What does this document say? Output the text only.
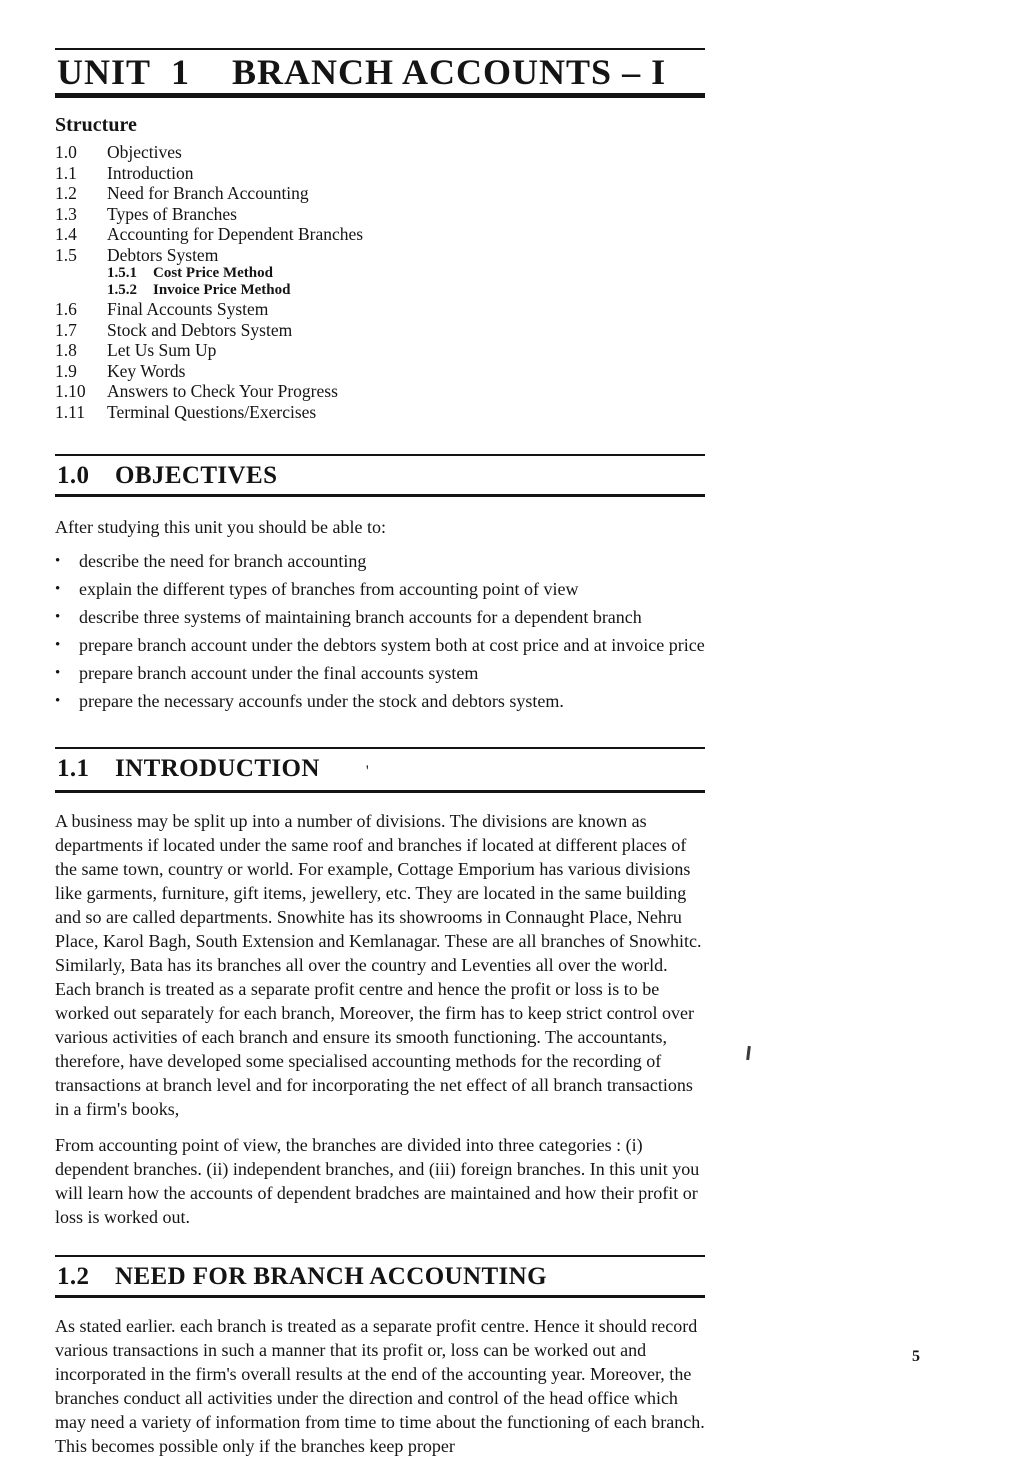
UNIT 1 BRANCH ACCOUNTS – I
Structure
1.0	Objectives
1.1	Introduction
1.2	Need for Branch Accounting
1.3	Types of Branches
1.4	Accounting for Dependent Branches
1.5	Debtors System
1.5.1	Cost Price Method
1.5.2	Invoice Price Method
1.6	Final Accounts System
1.7	Stock and Debtors System
1.8	Let Us Sum Up
1.9	Key Words
1.10	Answers to Check Your Progress
1.11	Terminal Questions/Exercises
1.0	OBJECTIVES

After studying this unit you should be able to:

•	describe the need for branch accounting
•	explain the different types of branches from accounting point of view
•	describe three systems of maintaining branch accounts for a dependent branch
•	prepare branch account under the debtors system both at cost price and at invoice price
•	prepare branch account under the final accounts system
•	prepare the necessary accounfs under the stock and debtors system.
1.1	INTRODUCTION	'

A business may be split up into a number of divisions. The divisions are known as departments if located under the same roof and branches if located at different places of the same town, country or world. For example, Cottage Emporium has various divisions like garments, furniture, gift items, jewellery, etc. They are located in the same building and so are called departments. Snowhite has its showrooms in Connaught Place, Nehru Place, Karol Bagh, South Extension and Kemlanagar. These are all branches of Snowhitc. Similarly, Bata has its branches all over the country and Leventies all over the world. Each branch is treated as a separate profit centre and hence the profit or loss is to be worked out separately for each branch, Moreover, the firm has to keep strict control over various activities of each branch and ensure its smooth functioning. The accountants, therefore, have developed some specialised accounting methods for the recording of transactions at branch level and for incorporating the net effect of all branch transactions in a firm's books,

From accounting point of view, the branches are divided into three categories : (i) dependent branches. (ii) independent branches, and (iii) foreign branches. In this unit you will learn how the accounts of dependent bradches are maintained and how their profit or loss is worked out.

1.2	NEED FOR BRANCH ACCOUNTING

As stated earlier. each branch is treated as a separate profit centre. Hence it should record various transactions in such a manner that its profit or, loss can be worked out and incorporated in the firm's overall results at the end of the accounting year. Moreover, the branches conduct all activities under the direction and control of the head office which may need a variety of information from time to time about the functioning of each branch. This becomes possible only if the branches keep proper

5
